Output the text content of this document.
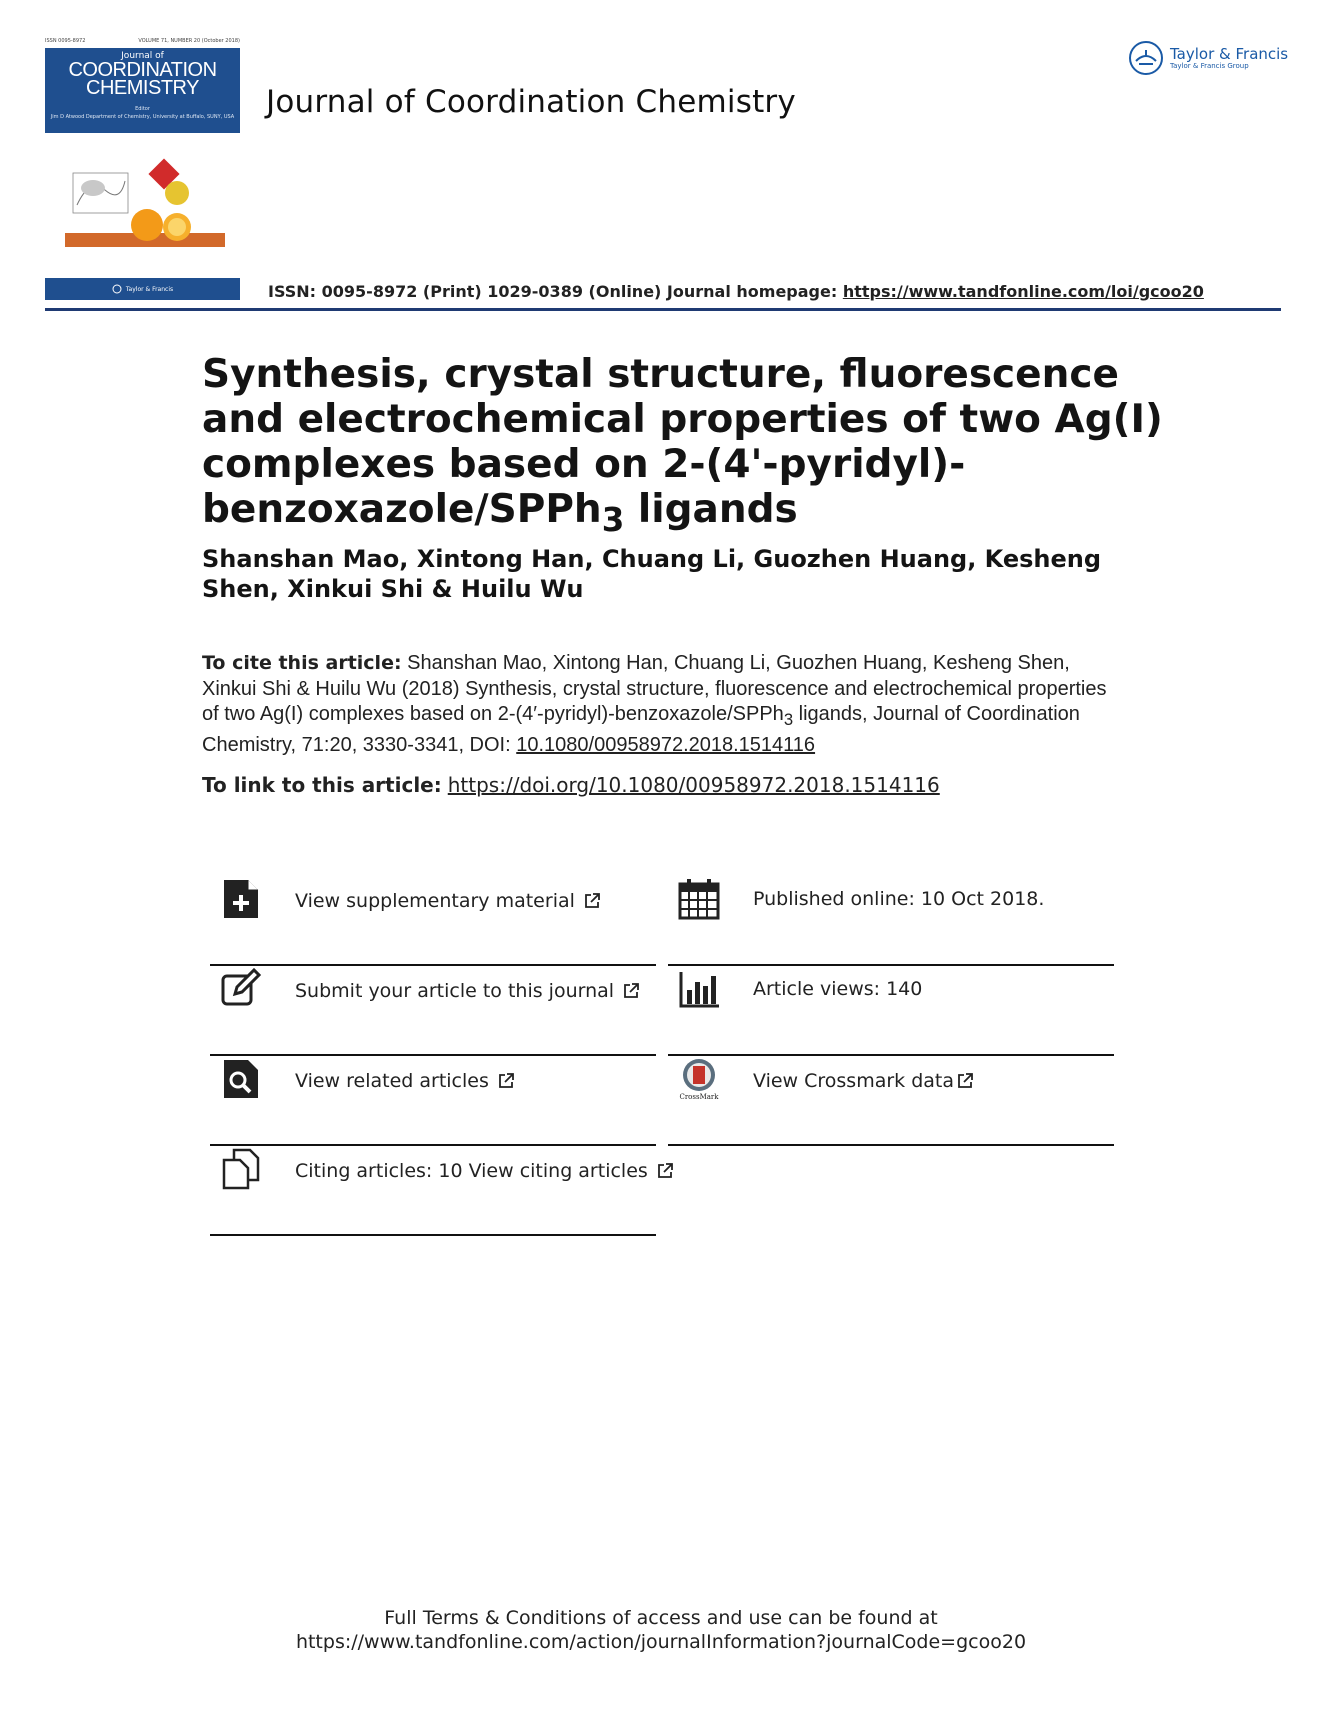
ISSN 0095-8972	VOLUME 71, NUMBER 20 (October 2018)
Journal of
COORDINATION
CHEMISTRY
Editor
Jim D Atwood Department of Chemistry, University at Buffalo, SUNY, USA
Taylor & Francis
Journal of Coordination Chemistry
Taylor & Francis
Taylor & Francis Group
ISSN: 0095-8972 (Print) 1029-0389 (Online) Journal homepage: https://www.tandfonline.com/loi/gcoo20
Synthesis, crystal structure, fluorescence and electrochemical properties of two Ag(I) complexes based on 2-(4'-pyridyl)-benzoxazole/SPPh$_3$ ligands
Shanshan Mao, Xintong Han, Chuang Li, Guozhen Huang, Kesheng Shen, Xinkui Shi & Huilu Wu
To cite this article: Shanshan Mao, Xintong Han, Chuang Li, Guozhen Huang, Kesheng Shen, Xinkui Shi & Huilu Wu (2018) Synthesis, crystal structure, fluorescence and electrochemical properties of two Ag(I) complexes based on 2-(4′-pyridyl)-benzoxazole/SPPh$_3$ ligands, Journal of Coordination Chemistry, 71:20, 3330-3341, DOI: 10.1080/00958972.2018.1514116
To link to this article: https://doi.org/10.1080/00958972.2018.1514116
View supplementary material
Submit your article to this journal
View related articles
Citing articles: 10 View citing articles
Published online: 10 Oct 2018.
Article views: 140
CrossMark
View Crossmark data
Full Terms & Conditions of access and use can be found at
https://www.tandfonline.com/action/journalInformation?journalCode=gcoo20
